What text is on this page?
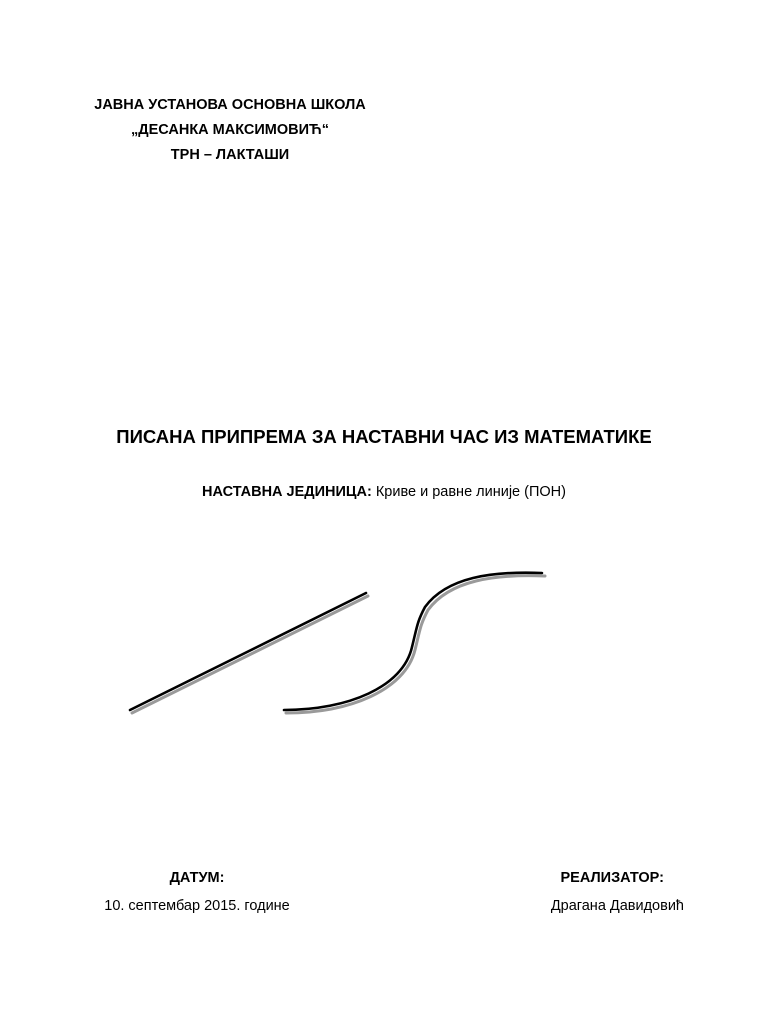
ЈАВНА УСТАНОВА ОСНОВНА ШКОЛА
„ДЕСАНКА МАКСИМОВИЋ“
ТРН – ЛАКТАШИ
ПИСАНА ПРИПРЕМА ЗА НАСТАВНИ ЧАС ИЗ МАТЕМАТИКЕ
НАСТАВНА ЈЕДИНИЦА: Криве и равне линије (ПОН)
ДАТУМ:
10. септембар 2015. године
РЕАЛИЗАТОР:
Драгана Давидовић
